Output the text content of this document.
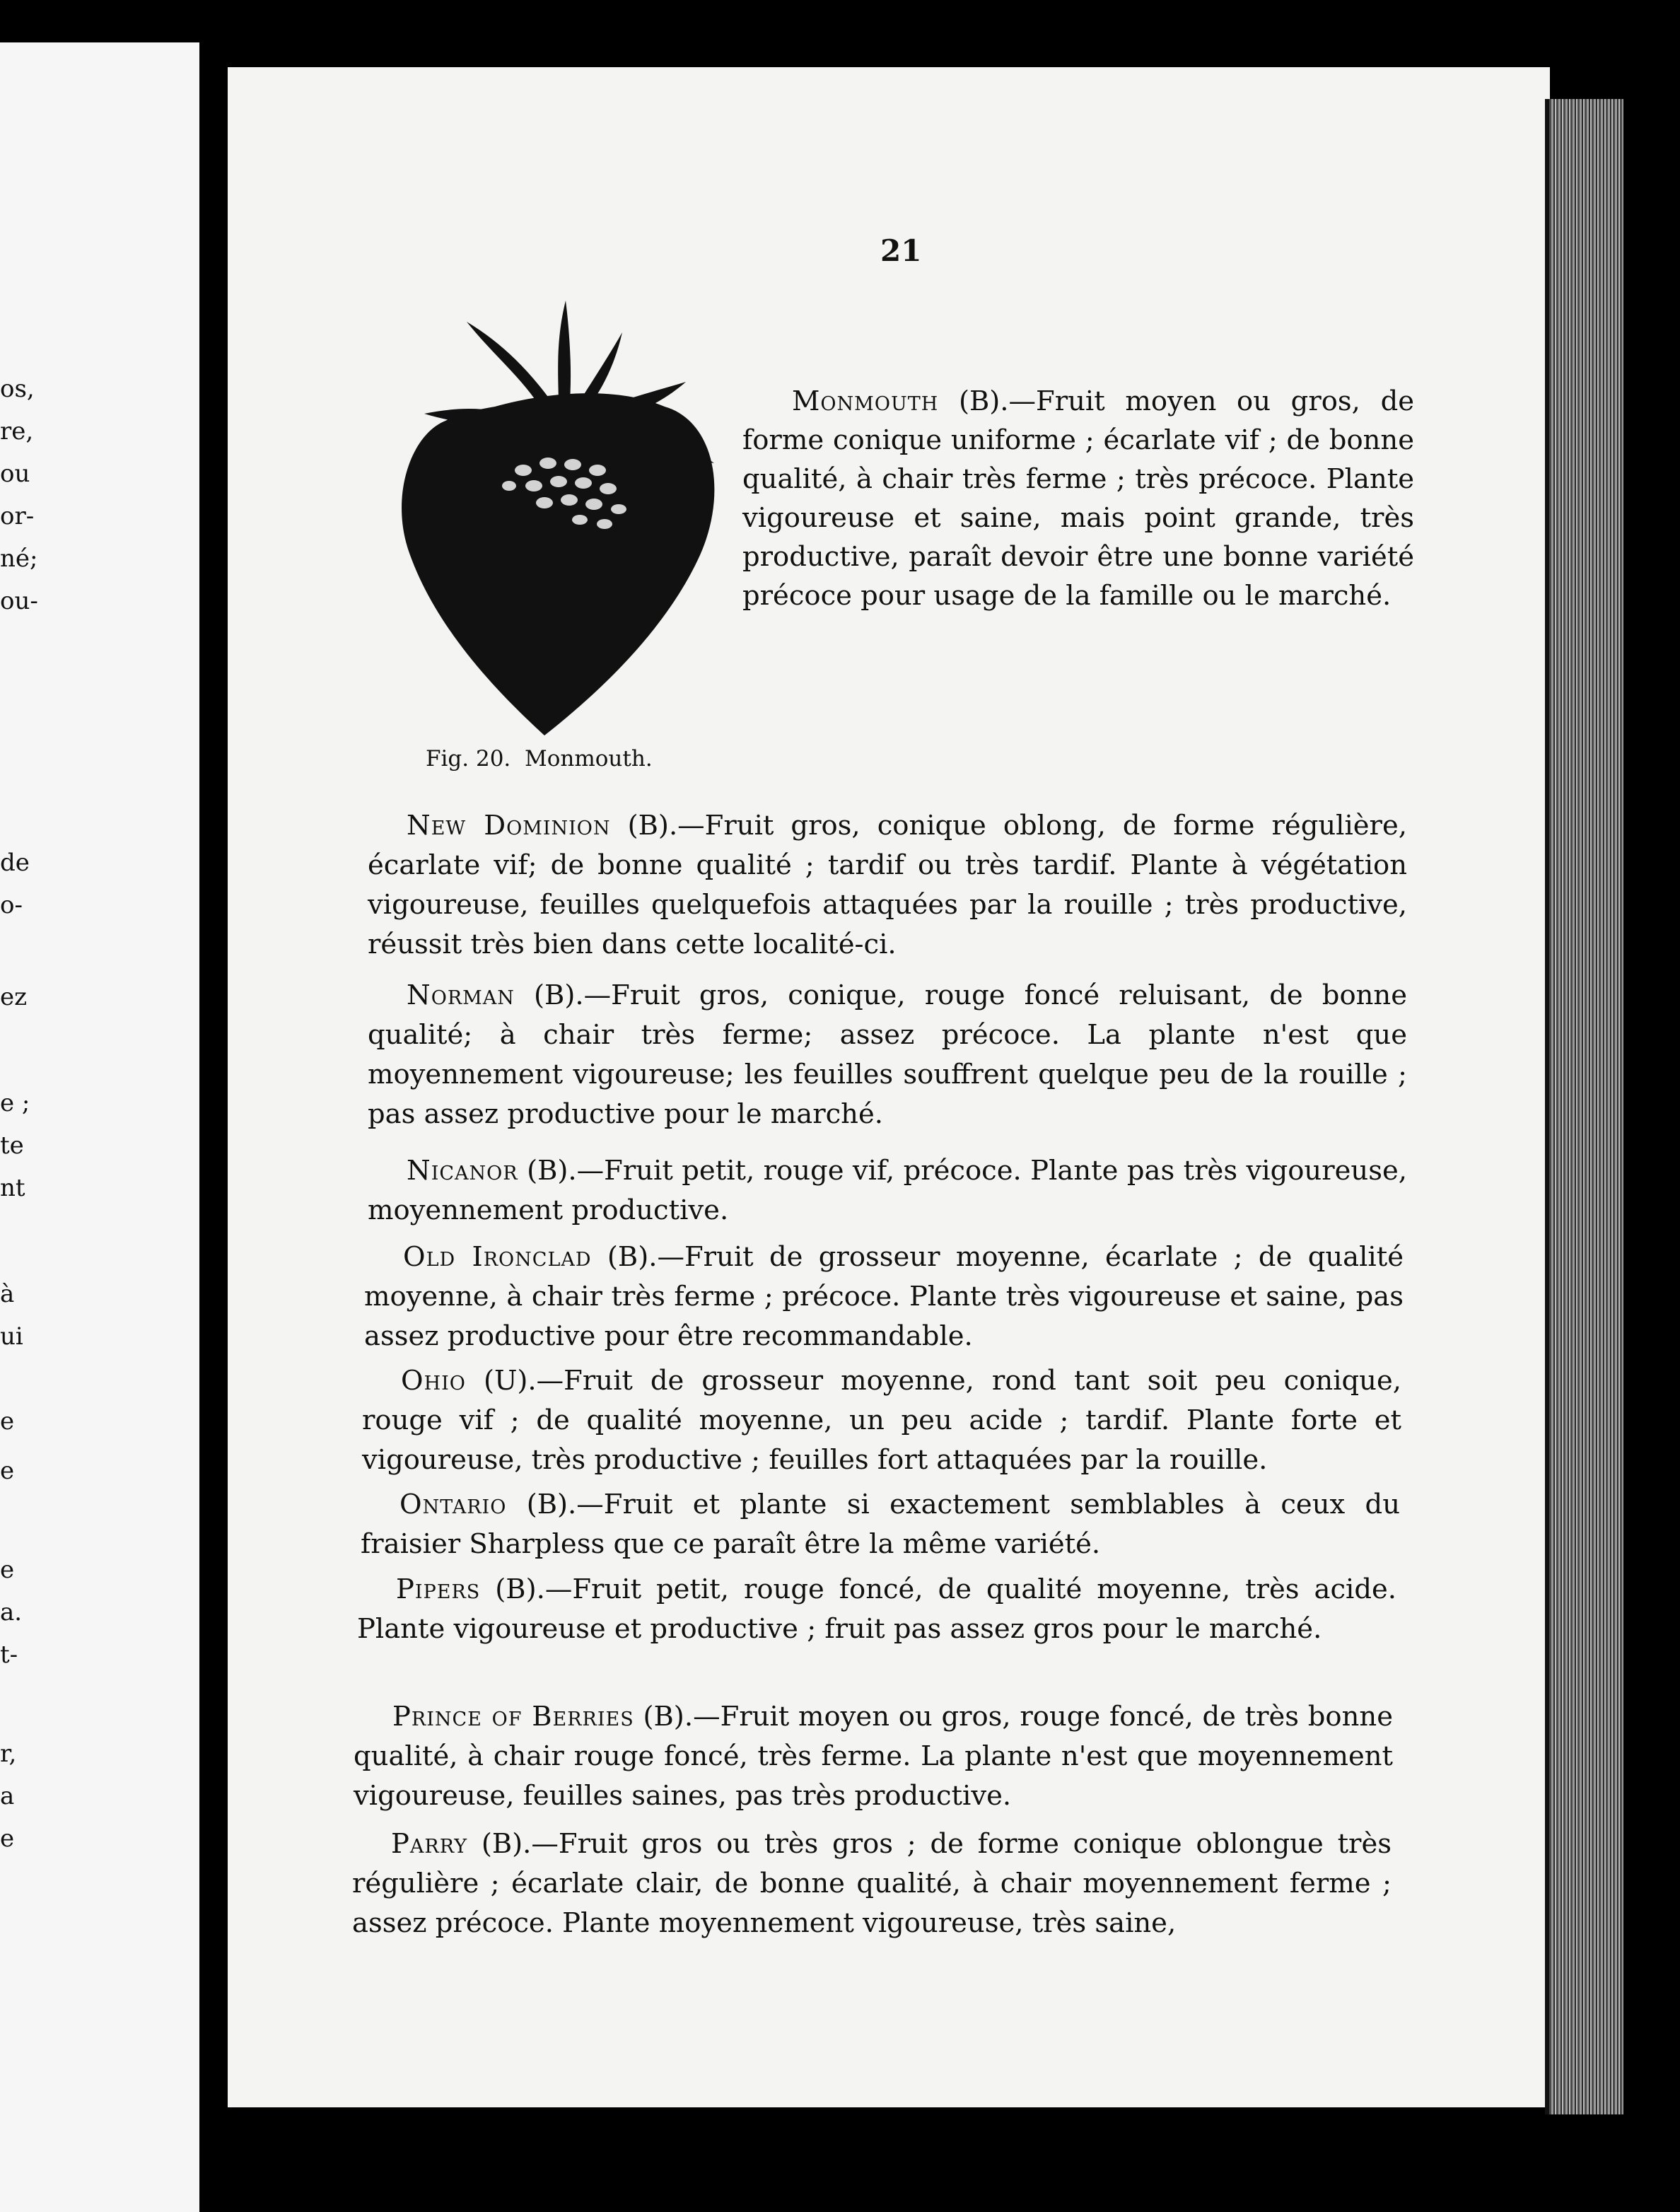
os,
re,
ou
or-
né;
ou-
de
o-
ez
e ;
te
nt
à
ui
e
e
e
a.
t-
r,
a
e
21
Fig. 20. Monmouth.
Monmouth (B).—Fruit moyen ou gros, de forme conique uniforme ; écarlate vif ; de bonne qualité, à chair très ferme ; très précoce. Plante vigoureuse et saine, mais point grande, très productive, paraît devoir être une bonne variété précoce pour usage de la famille ou le marché.
New Dominion (B).—Fruit gros, conique oblong, de forme régulière, écarlate vif; de bonne qualité ; tardif ou très tardif. Plante à végétation vigoureuse, feuilles quelquefois attaquées par la rouille ; très productive, réussit très bien dans cette localité-ci.
Norman (B).—Fruit gros, conique, rouge foncé reluisant, de bonne qualité; à chair très ferme; assez précoce. La plante n'est que moyennement vigoureuse; les feuilles souffrent quelque peu de la rouille ; pas assez productive pour le marché.
Nicanor (B).—Fruit petit, rouge vif, précoce. Plante pas très vigoureuse, moyennement productive.
Old Ironclad (B).—Fruit de grosseur moyenne, écarlate ; de qualité moyenne, à chair très ferme ; précoce. Plante très vigoureuse et saine, pas assez productive pour être recommandable.
Ohio (U).—Fruit de grosseur moyenne, rond tant soit peu conique, rouge vif ; de qualité moyenne, un peu acide ; tardif. Plante forte et vigoureuse, très productive ; feuilles fort attaquées par la rouille.
Ontario (B).—Fruit et plante si exactement semblables à ceux du fraisier Sharpless que ce paraît être la même variété.
Pipers (B).—Fruit petit, rouge foncé, de qualité moyenne, très acide. Plante vigoureuse et productive ; fruit pas assez gros pour le marché.
Prince of Berries (B).—Fruit moyen ou gros, rouge foncé, de très bonne qualité, à chair rouge foncé, très ferme. La plante n'est que moyennement vigoureuse, feuilles saines, pas très productive.
Parry (B).—Fruit gros ou très gros ; de forme conique oblongue très régulière ; écarlate clair, de bonne qualité, à chair moyennement ferme ; assez précoce. Plante moyennement vigoureuse, très saine,
